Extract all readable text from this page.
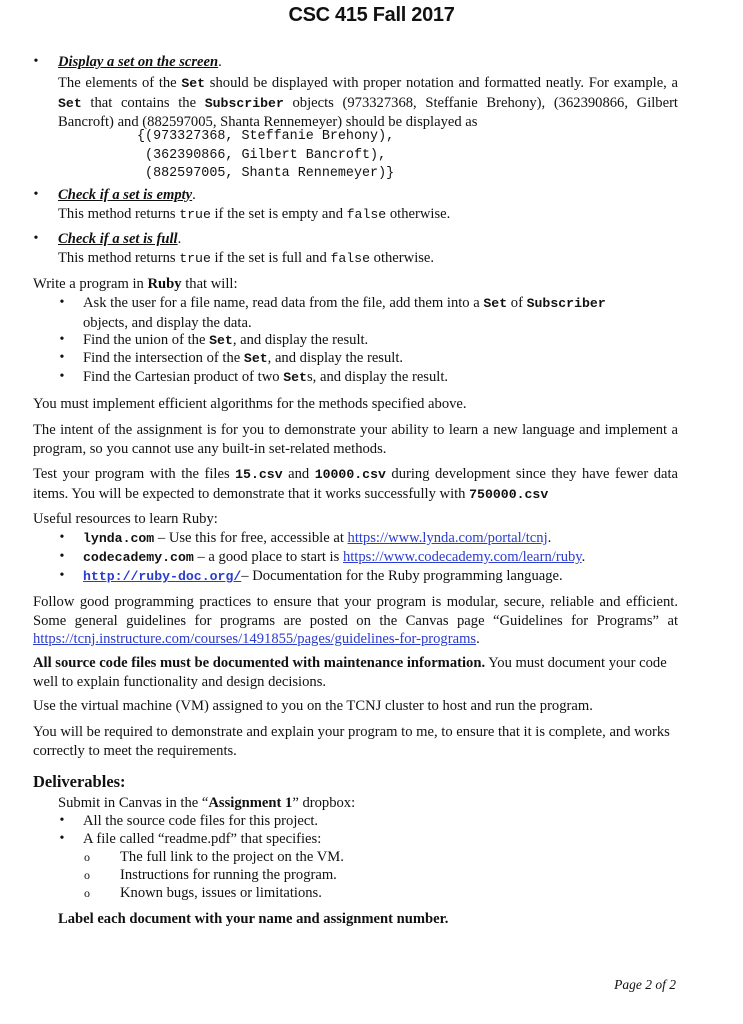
CSC 415 Fall 2017
• Display a set on the screen.
The elements of the Set should be displayed with proper notation and formatted neatly. For example, a Set that contains the Subscriber objects (973327368, Steffanie Brehony), (362390866, Gilbert Bancroft) and (882597005, Shanta Rennemeyer) should be displayed as
{(973327368, Steffanie Brehony),
(362390866, Gilbert Bancroft),
(882597005, Shanta Rennemeyer)}
• Check if a set is empty.
This method returns true if the set is empty and false otherwise.
• Check if a set is full.
This method returns true if the set is full and false otherwise.
Write a program in Ruby that will:
• Ask the user for a file name, read data from the file, add them into a Set of Subscriber
objects, and display the data.
• Find the union of the Set, and display the result.
• Find the intersection of the Set, and display the result.
• Find the Cartesian product of two Sets, and display the result.
You must implement efficient algorithms for the methods specified above.
The intent of the assignment is for you to demonstrate your ability to learn a new language and implement a program, so you cannot use any built-in set-related methods.
Test your program with the files 15.csv and 10000.csv during development since they have fewer data items. You will be expected to demonstrate that it works successfully with 750000.csv
Useful resources to learn Ruby:
• lynda.com – Use this for free, accessible at https://www.lynda.com/portal/tcnj.
• codecademy.com – a good place to start is https://www.codecademy.com/learn/ruby.
• http://ruby-doc.org/– Documentation for the Ruby programming language.
Follow good programming practices to ensure that your program is modular, secure, reliable and efficient. Some general guidelines for programs are posted on the Canvas page “Guidelines for Programs” at https://tcnj.instructure.com/courses/1491855/pages/guidelines-for-programs.
All source code files must be documented with maintenance information. You must document your code well to explain functionality and design decisions.
Use the virtual machine (VM) assigned to you on the TCNJ cluster to host and run the program.
You will be required to demonstrate and explain your program to me, to ensure that it is complete, and works correctly to meet the requirements.
Deliverables:
Submit in Canvas in the “Assignment 1” dropbox:
• All the source code files for this project.
• A file called “readme.pdf” that specifies:
o The full link to the project on the VM.
o Instructions for running the program.
o Known bugs, issues or limitations.
Label each document with your name and assignment number.
Page 2 of 2
